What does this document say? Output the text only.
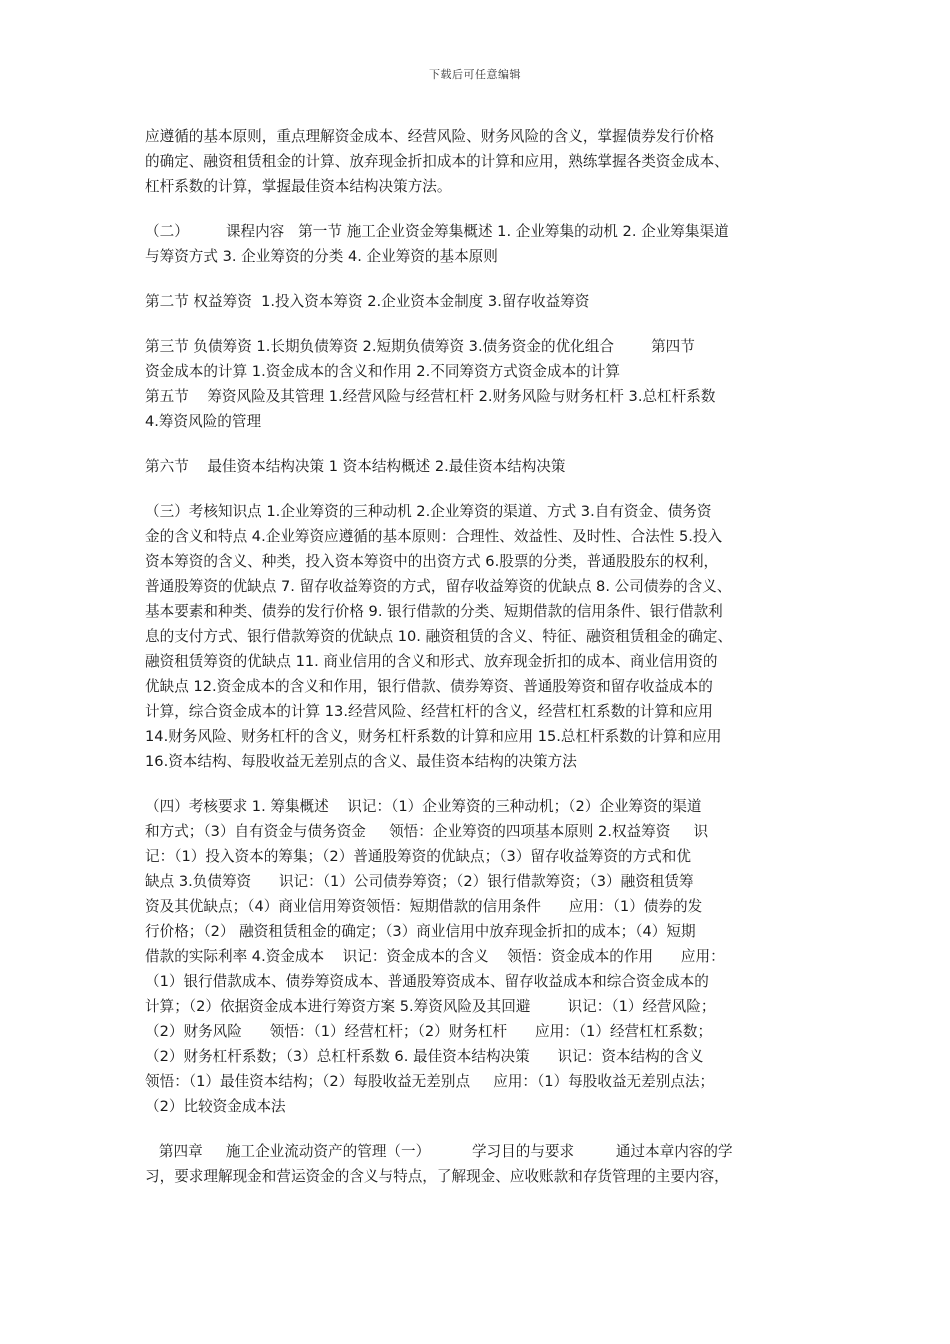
下载后可任意编辑
应遵循的基本原则，重点理解资金成本、经营风险、财务风险的含义，掌握债券发行价格
的确定、融资租赁租金的计算、放弃现金折扣成本的计算和应用，熟练掌握各类资金成本、
杠杆系数的计算，掌握最佳资本结构决策方法。
（二）        课程内容   第一节 施工企业资金筹集概述 1. 企业筹集的动机 2. 企业筹集渠道
与筹资方式 3. 企业筹资的分类 4. 企业筹资的基本原则
第二节 权益筹资  1.投入资本筹资 2.企业资本金制度 3.留存收益筹资
第三节 负债筹资 1.长期负债筹资 2.短期负债筹资 3.债务资金的优化组合        第四节
资金成本的计算 1.资金成本的含义和作用 2.不同筹资方式资金成本的计算
第五节    筹资风险及其管理 1.经营风险与经营杠杆 2.财务风险与财务杠杆 3.总杠杆系数
4.筹资风险的管理
第六节    最佳资本结构决策 1 资本结构概述 2.最佳资本结构决策
（三）考核知识点 1.企业筹资的三种动机 2.企业筹资的渠道、方式 3.自有资金、债务资
金的含义和特点 4.企业筹资应遵循的基本原则：合理性、效益性、及时性、合法性 5.投入
资本筹资的含义、种类，投入资本筹资中的出资方式 6.股票的分类，普通股股东的权利，
普通股筹资的优缺点 7. 留存收益筹资的方式，留存收益筹资的优缺点 8. 公司债券的含义、
基本要素和种类、债券的发行价格 9. 银行借款的分类、短期借款的信用条件、银行借款利
息的支付方式、银行借款筹资的优缺点 10. 融资租赁的含义、特征、融资租赁租金的确定、
融资租赁筹资的优缺点 11. 商业信用的含义和形式、放弃现金折扣的成本、商业信用资的
优缺点 12.资金成本的含义和作用，银行借款、债券筹资、普通股筹资和留存收益成本的
计算，综合资金成本的计算 13.经营风险、经营杠杆的含义，经营杠杠系数的计算和应用
14.财务风险、财务杠杆的含义，财务杠杆系数的计算和应用 15.总杠杆系数的计算和应用
16.资本结构、每股收益无差别点的含义、最佳资本结构的决策方法
（四）考核要求 1. 筹集概述    识记：（1）企业筹资的三种动机；（2）企业筹资的渠道
和方式；（3）自有资金与债务资金     领悟：企业筹资的四项基本原则 2.权益筹资     识
记：（1）投入资本的筹集；（2）普通股筹资的优缺点；（3）留存收益筹资的方式和优
缺点 3.负债筹资      识记：（1）公司债券筹资；（2）银行借款筹资；（3）融资租赁筹
资及其优缺点；（4）商业信用筹资领悟：短期借款的信用条件      应用：（1）债券的发
行价格；（2） 融资租赁租金的确定；（3）商业信用中放弃现金折扣的成本；（4）短期
借款的实际利率 4.资金成本    识记：资金成本的含义    领悟：资金成本的作用      应用：
（1）银行借款成本、债券筹资成本、普通股筹资成本、留存收益成本和综合资金成本的
计算；（2）依据资金成本进行筹资方案 5.筹资风险及其回避        识记：（1）经营风险；
（2）财务风险      领悟：（1）经营杠杆；（2）财务杠杆      应用：（1）经营杠杠系数；
（2）财务杠杆系数；（3）总杠杆系数 6. 最佳资本结构决策      识记：资本结构的含义
领悟：（1）最佳资本结构；（2）每股收益无差别点     应用：（1）每股收益无差别点法；
（2）比较资金成本法
第四章     施工企业流动资产的管理（一）         学习目的与要求         通过本章内容的学
习，要求理解现金和营运资金的含义与特点，了解现金、应收账款和存货管理的主要内容，
